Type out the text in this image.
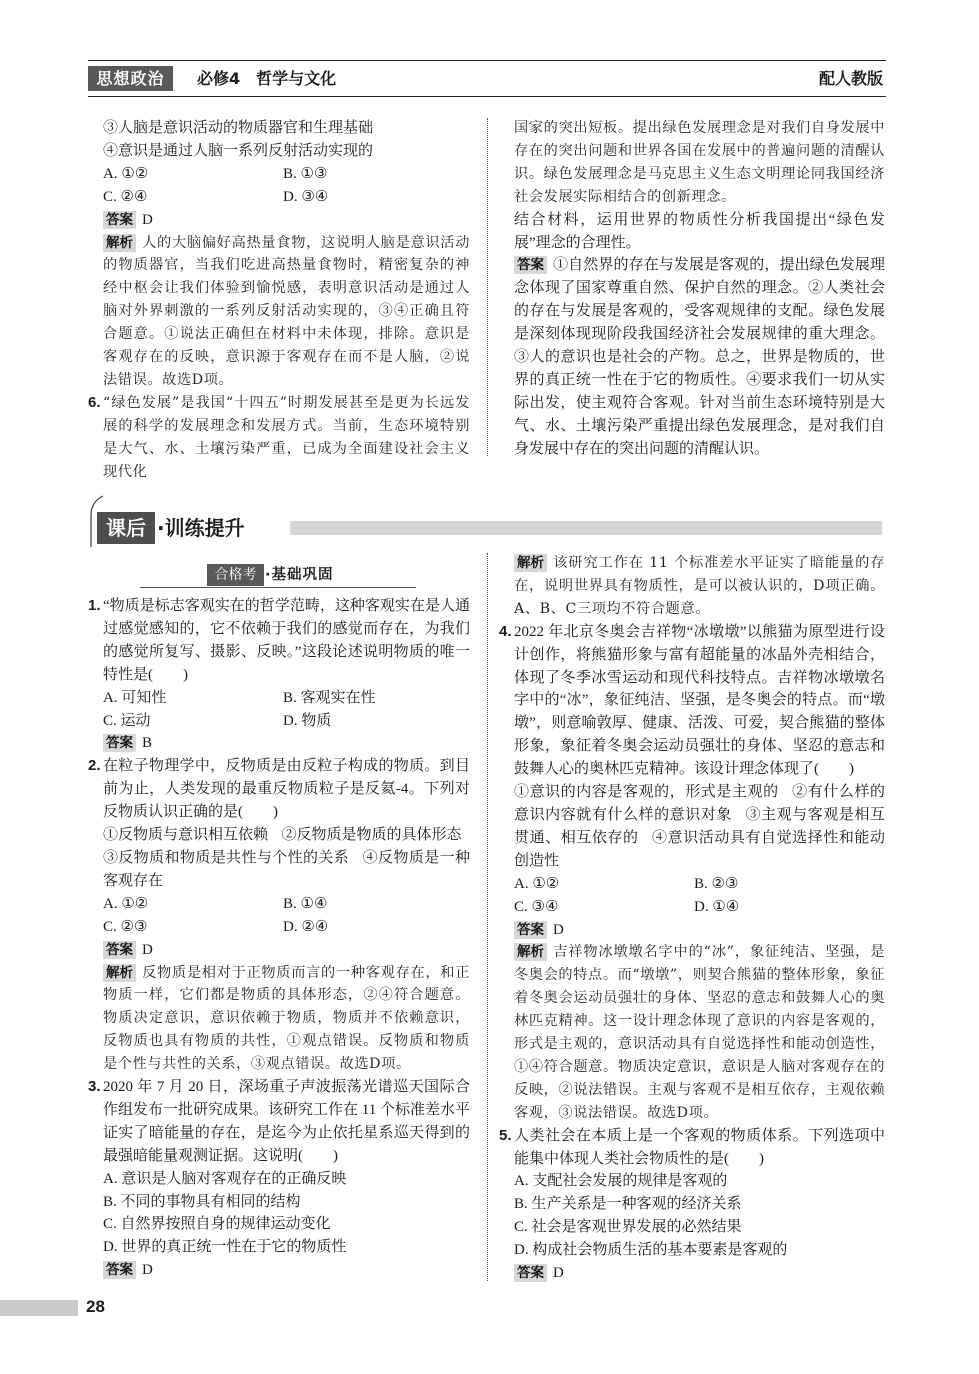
思想政治	必修4　哲学与文化	配人教版

③人脑是意识活动的物质器官和生理基础

④意识是通过人脑一系列反射活动实现的

A. ①②	B. ①③
C. ②④	D. ③④

答案 D

解析 人的大脑偏好高热量食物，这说明人脑是意识活动的物质器官，当我们吃进高热量食物时，精密复杂的神经中枢会让我们体验到愉悦感，表明意识活动是通过人脑对外界刺激的一系列反射活动实现的，③④正确且符合题意。①说法正确但在材料中未体现，排除。意识是客观存在的反映，意识源于客观存在而不是人脑，②说法错误。故选D项。

6. “绿色发展”是我国“十四五”时期发展甚至是更为长远发展的科学的发展理念和发展方式。当前，生态环境特别是大气、水、土壤污染严重，已成为全面建设社会主义现代化

国家的突出短板。提出绿色发展理念是对我们自身发展中存在的突出问题和世界各国在发展中的普遍问题的清醒认识。绿色发展理念是马克思主义生态文明理论同我国经济社会发展实际相结合的创新理念。

结合材料，运用世界的物质性分析我国提出“绿色发展”理念的合理性。

答案 ①自然界的存在与发展是客观的，提出绿色发展理念体现了国家尊重自然、保护自然的理念。②人类社会的存在与发展是客观的，受客观规律的支配。绿色发展是深刻体现现阶段我国经济社会发展规律的重大理念。③人的意识也是社会的产物。总之，世界是物质的，世界的真正统一性在于它的物质性。④要求我们一切从实际出发，使主观符合客观。针对当前生态环境特别是大气、水、土壤污染严重提出绿色发展理念，是对我们自身发展中存在的突出问题的清醒认识。

课后 ·训练提升
合格考 ·基础巩固
1. “物质是标志客观实在的哲学范畴，这种客观实在是人通过感觉感知的，它不依赖于我们的感觉而存在，为我们的感觉所复写、摄影、反映。”这段论述说明物质的唯一特性是(　　)

A. 可知性	B. 客观实在性
C. 运动	D. 物质

答案 B

2. 在粒子物理学中，反物质是由反粒子构成的物质。到目前为止，人类发现的最重反物质粒子是反氦-4。下列对反物质认识正确的是(　　)

①反物质与意识相互依赖 ②反物质是物质的具体形态

③反物质和物质是共性与个性的关系 ④反物质是一种客观存在

A. ①②	B. ①④
C. ②③	D. ②④

答案 D

解析 反物质是相对于正物质而言的一种客观存在，和正物质一样，它们都是物质的具体形态，②④符合题意。物质决定意识，意识依赖于物质，物质并不依赖意识，反物质也具有物质的共性，①观点错误。反物质和物质是个性与共性的关系，③观点错误。故选D项。

3. 2020 年 7 月 20 日，深场重子声波振荡光谱巡天国际合作组发布一批研究成果。该研究工作在 11 个标准差水平证实了暗能量的存在，是迄今为止依托星系巡天得到的最强暗能量观测证据。这说明(　　)

A. 意识是人脑对客观存在的正确反映
B. 不同的事物具有相同的结构
C. 自然界按照自身的规律运动变化
D. 世界的真正统一性在于它的物质性

答案 D

解析 该研究工作在 11 个标准差水平证实了暗能量的存在，说明世界具有物质性，是可以被认识的，D项正确。A、B、C三项均不符合题意。

4. 2022 年北京冬奥会吉祥物“冰墩墩”以熊猫为原型进行设计创作，将熊猫形象与富有超能量的冰晶外壳相结合，体现了冬季冰雪运动和现代科技特点。吉祥物冰墩墩名字中的“冰”，象征纯洁、坚强，是冬奥会的特点。而“墩墩”，则意喻敦厚、健康、活泼、可爱，契合熊猫的整体形象，象征着冬奥会运动员强壮的身体、坚忍的意志和鼓舞人心的奥林匹克精神。该设计理念体现了(　　)

①意识的内容是客观的，形式是主观的 ②有什么样的意识内容就有什么样的意识对象 ③主观与客观是相互贯通、相互依存的 ④意识活动具有自觉选择性和能动创造性

A. ①②	B. ②③
C. ③④	D. ①④

答案 D

解析 吉祥物冰墩墩名字中的“冰”，象征纯洁、坚强，是冬奥会的特点。而“墩墩”，则契合熊猫的整体形象，象征着冬奥会运动员强壮的身体、坚忍的意志和鼓舞人心的奥林匹克精神。这一设计理念体现了意识的内容是客观的，形式是主观的，意识活动具有自觉选择性和能动创造性，①④符合题意。物质决定意识，意识是人脑对客观存在的反映，②说法错误。主观与客观不是相互依存，主观依赖客观，③说法错误。故选D项。

5. 人类社会在本质上是一个客观的物质体系。下列选项中能集中体现人类社会物质性的是(　　)

A. 支配社会发展的规律是客观的
B. 生产关系是一种客观的经济关系
C. 社会是客观世界发展的必然结果
D. 构成社会物质生活的基本要素是客观的

答案 D

28
